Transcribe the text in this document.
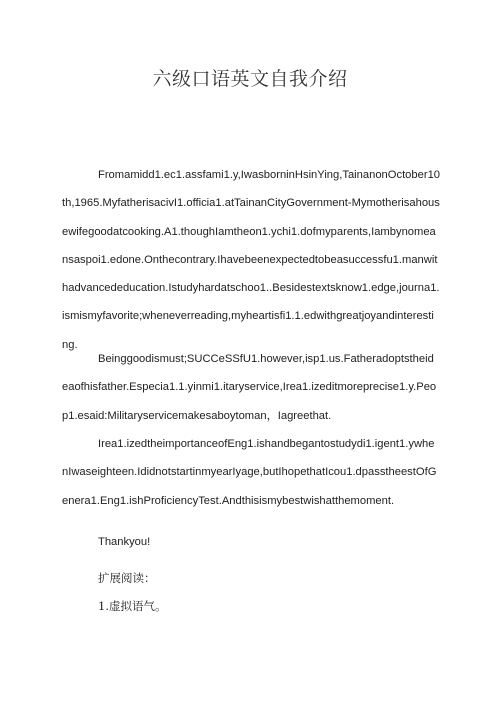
六级口语英文自我介绍
Fromamidd1.ec1.assfami1.y,IwasborninHsinYing,TainanonOctober10th,1965.MyfatherisacivI1.officia1.atTainanCityGovernment-Mymotherisahousewifegoodatcooking.A1.thoughIamtheon1.ychi1.dofmyparents,Iambynomeansaspoi1.edone.Onthecontrary.Ihavebeenexpectedtobeasuccessfu1.manwithadvancededucation.Istudyhardatschoo1..Besidestextsknow1.edge,journa1.ismismyfavorite;wheneverreading,myheartisfi1.1.edwithgreatjoyandinteresting.
Beinggoodismust;SUCCeSSfU1.however,isp1.us.Fatheradoptstheideaofhisfather.Especia1.1.yinmi1.itaryservice,Irea1.izeditmoreprecise1.y.Peop1.esaid:Militaryservicemakesaboytoman，Iagreethat.
Irea1.izedtheimportanceofEng1.ishandbegantostudydi1.igent1.ywhenIwaseighteen.IdidnotstartinmyearIyage,butIhopethatIcou1.dpasstheestOfGenera1.Eng1.ishProficiencyTest.Andthisismybestwishatthemoment.
Thankyou!
扩展阅读：
1.虚拟语气。
